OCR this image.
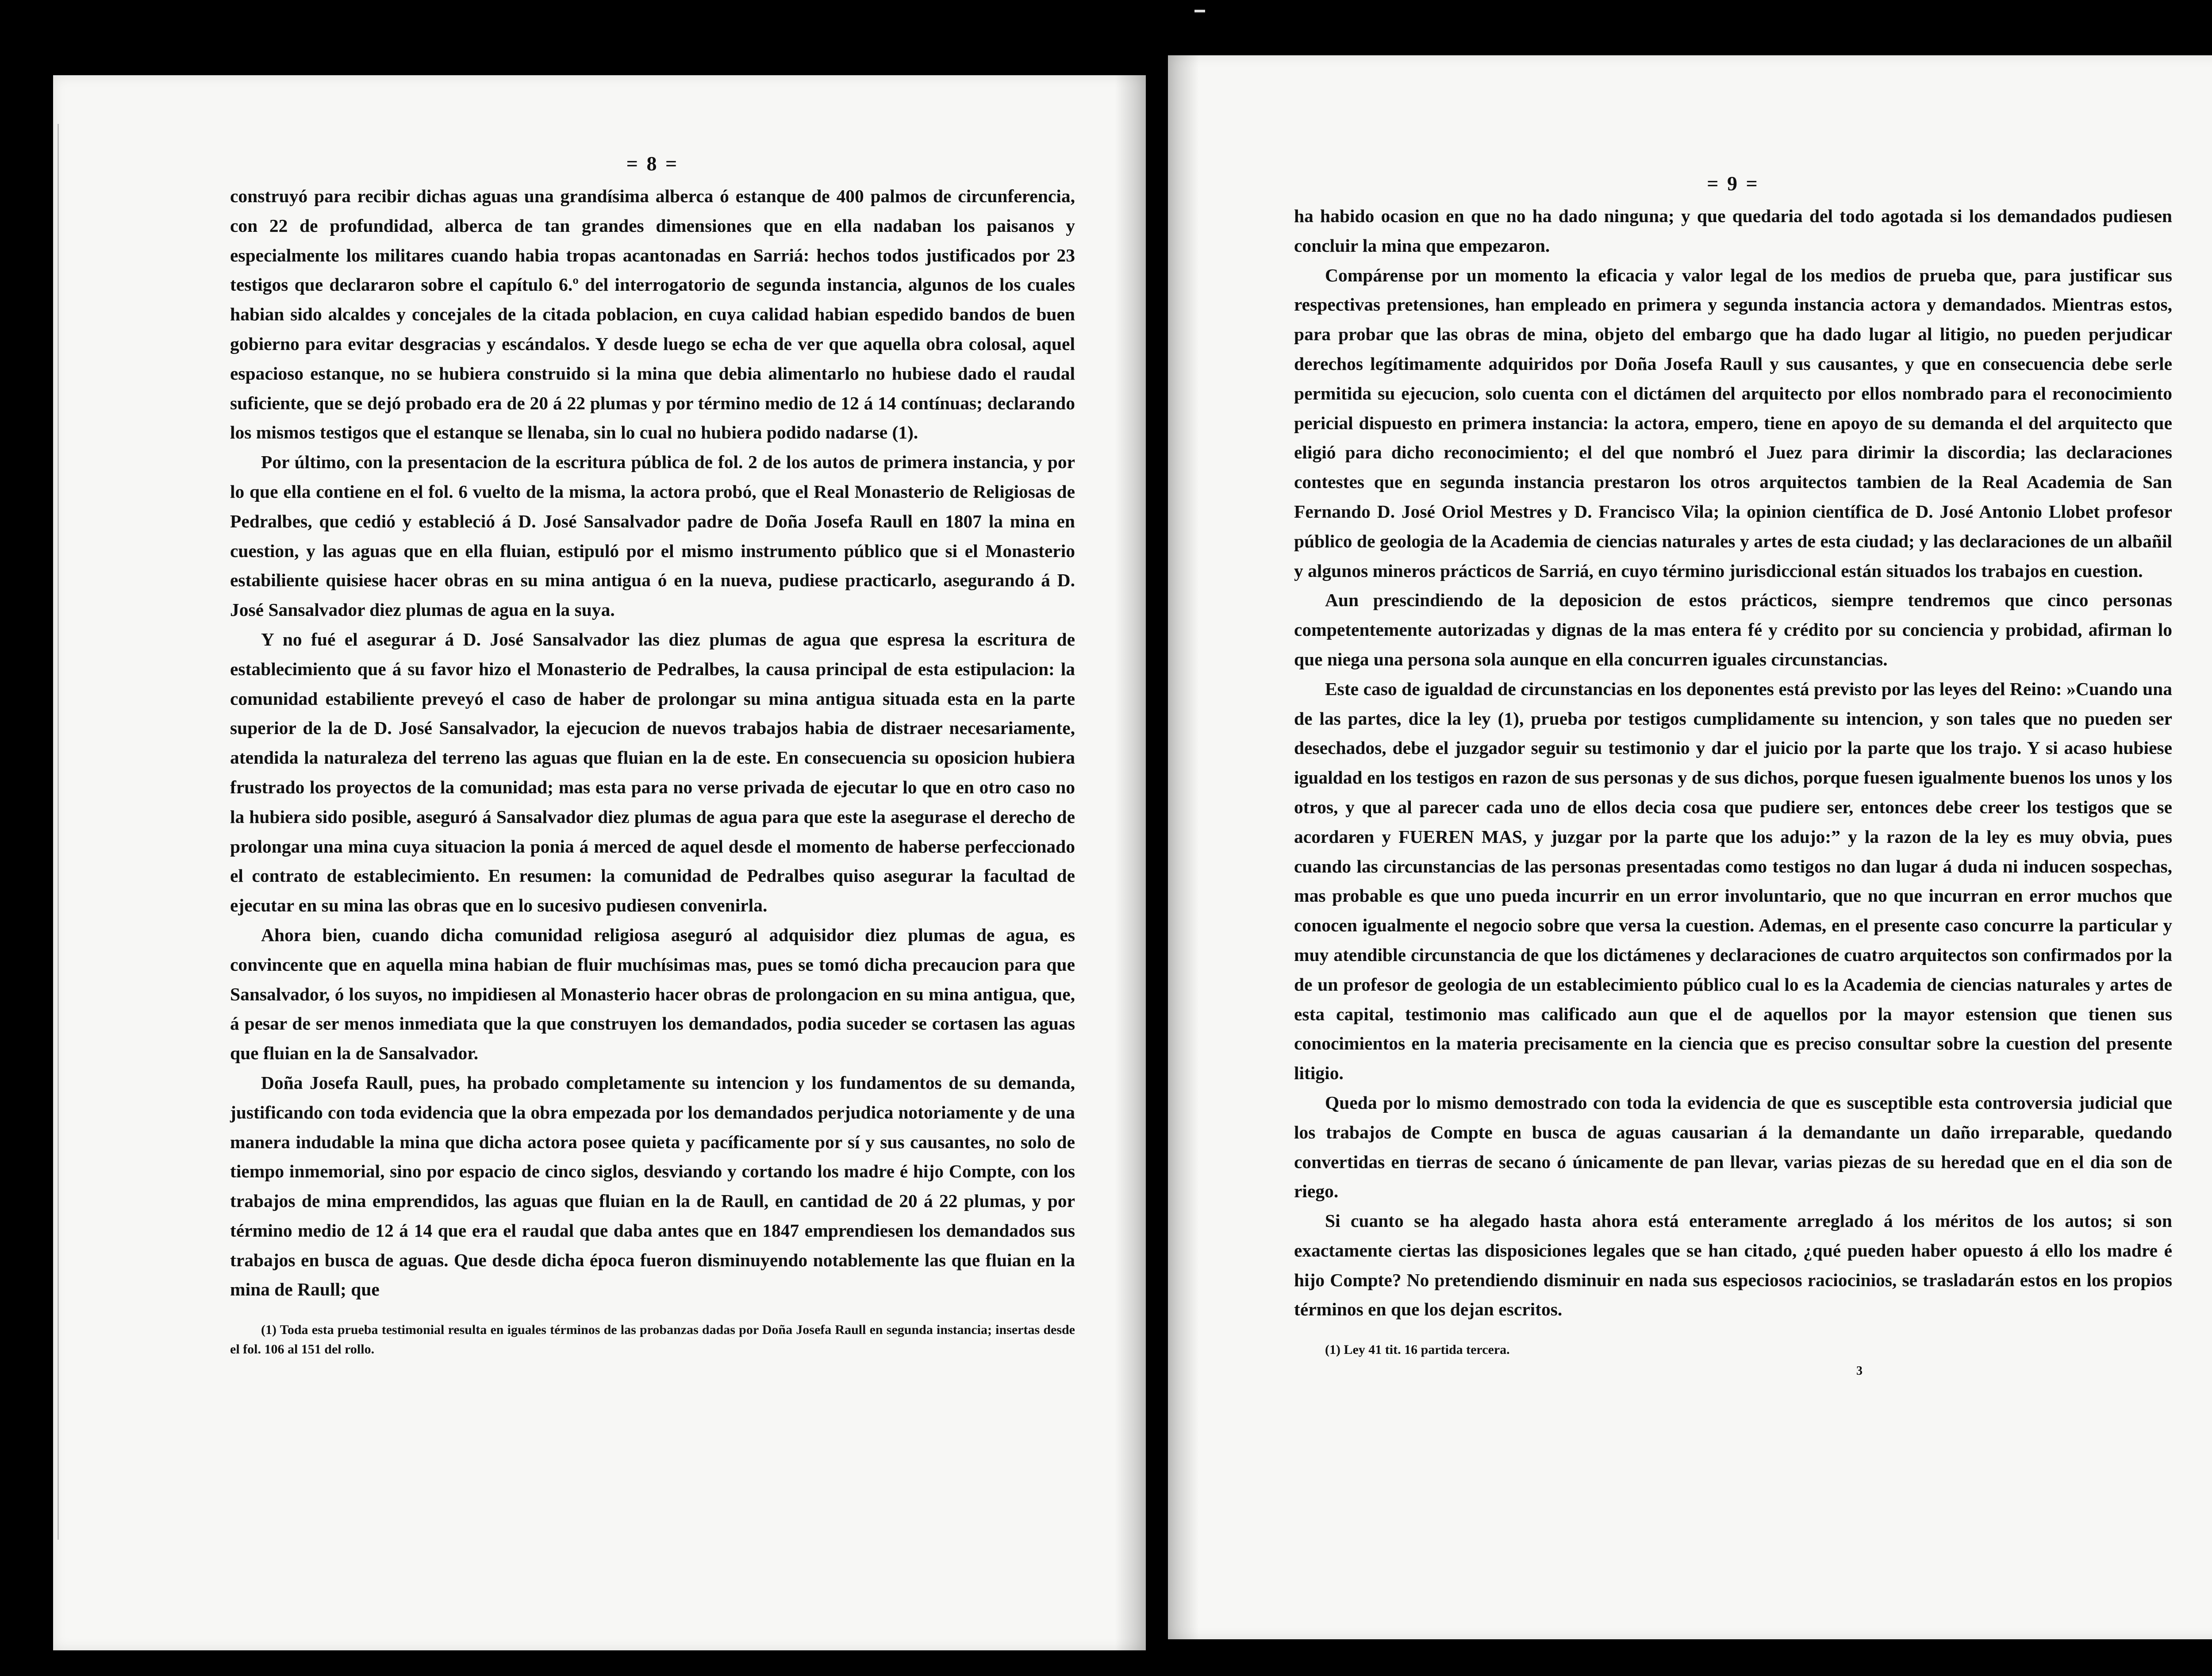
= 8 =

construyó para recibir dichas aguas una grandísima alberca ó estanque de 400 palmos de circunferencia, con 22 de profundidad, alberca de tan grandes dimensiones que en ella nadaban los paisanos y especialmente los militares cuando habia tropas acantonadas en Sarriá: hechos todos justificados por 23 testigos que declararon sobre el capítulo 6.º del interrogatorio de segunda instancia, algunos de los cuales habian sido alcaldes y concejales de la citada poblacion, en cuya calidad habian espedido bandos de buen gobierno para evitar desgracias y escándalos. Y desde luego se echa de ver que aquella obra colosal, aquel espacioso estanque, no se hubiera construido si la mina que debia alimentarlo no hubiese dado el raudal suficiente, que se dejó probado era de 20 á 22 plumas y por término medio de 12 á 14 contínuas; declarando los mismos testigos que el estanque se llenaba, sin lo cual no hubiera podido nadarse (1).

Por último, con la presentacion de la escritura pública de fol. 2 de los autos de primera instancia, y por lo que ella contiene en el fol. 6 vuelto de la misma, la actora probó, que el Real Monasterio de Religiosas de Pedralbes, que cedió y estableció á D. José Sansalvador padre de Doña Josefa Raull en 1807 la mina en cuestion, y las aguas que en ella fluian, estipuló por el mismo instrumento público que si el Monasterio estabiliente quisiese hacer obras en su mina antigua ó en la nueva, pudiese practicarlo, asegurando á D. José Sansalvador diez plumas de agua en la suya.

Y no fué el asegurar á D. José Sansalvador las diez plumas de agua que espresa la escritura de establecimiento que á su favor hizo el Monasterio de Pedralbes, la causa principal de esta estipulacion: la comunidad estabiliente preveyó el caso de haber de prolongar su mina antigua situada esta en la parte superior de la de D. José Sansalvador, la ejecucion de nuevos trabajos habia de distraer necesariamente, atendida la naturaleza del terreno las aguas que fluian en la de este. En consecuencia su oposicion hubiera frustrado los proyectos de la comunidad; mas esta para no verse privada de ejecutar lo que en otro caso no la hubiera sido posible, aseguró á Sansalvador diez plumas de agua para que este la asegurase el derecho de prolongar una mina cuya situacion la ponia á merced de aquel desde el momento de haberse perfeccionado el contrato de establecimiento. En resumen: la comunidad de Pedralbes quiso asegurar la facultad de ejecutar en su mina las obras que en lo sucesivo pudiesen convenirla.

Ahora bien, cuando dicha comunidad religiosa aseguró al adquisidor diez plumas de agua, es convincente que en aquella mina habian de fluir muchísimas mas, pues se tomó dicha precaucion para que Sansalvador, ó los suyos, no impidiesen al Monasterio hacer obras de prolongacion en su mina antigua, que, á pesar de ser menos inmediata que la que construyen los demandados, podia suceder se cortasen las aguas que fluian en la de Sansalvador.

Doña Josefa Raull, pues, ha probado completamente su intencion y los fundamentos de su demanda, justificando con toda evidencia que la obra empezada por los demandados perjudica notoriamente y de una manera indudable la mina que dicha actora posee quieta y pacíficamente por sí y sus causantes, no solo de tiempo inmemorial, sino por espacio de cinco siglos, desviando y cortando los madre é hijo Compte, con los trabajos de mina emprendidos, las aguas que fluian en la de Raull, en cantidad de 20 á 22 plumas, y por término medio de 12 á 14 que era el raudal que daba antes que en 1847 emprendiesen los demandados sus trabajos en busca de aguas. Que desde dicha época fueron disminuyendo notablemente las que fluian en la mina de Raull; que

(1) Toda esta prueba testimonial resulta en iguales términos de las probanzas dadas por Doña Josefa Raull en segunda instancia; insertas desde el fol. 106 al 151 del rollo.

= 9 =

ha habido ocasion en que no ha dado ninguna; y que quedaria del todo agotada si los demandados pudiesen concluir la mina que empezaron.

Compárense por un momento la eficacia y valor legal de los medios de prueba que, para justificar sus respectivas pretensiones, han empleado en primera y segunda instancia actora y demandados. Mientras estos, para probar que las obras de mina, objeto del embargo que ha dado lugar al litigio, no pueden perjudicar derechos legítimamente adquiridos por Doña Josefa Raull y sus causantes, y que en consecuencia debe serle permitida su ejecucion, solo cuenta con el dictámen del arquitecto por ellos nombrado para el reconocimiento pericial dispuesto en primera instancia: la actora, empero, tiene en apoyo de su demanda el del arquitecto que eligió para dicho reconocimiento; el del que nombró el Juez para dirimir la discordia; las declaraciones contestes que en segunda instancia prestaron los otros arquitectos tambien de la Real Academia de San Fernando D. José Oriol Mestres y D. Francisco Vila; la opinion científica de D. José Antonio Llobet profesor público de geologia de la Academia de ciencias naturales y artes de esta ciudad; y las declaraciones de un albañil y algunos mineros prácticos de Sarriá, en cuyo término jurisdiccional están situados los trabajos en cuestion.

Aun prescindiendo de la deposicion de estos prácticos, siempre tendremos que cinco personas competentemente autorizadas y dignas de la mas entera fé y crédito por su conciencia y probidad, afirman lo que niega una persona sola aunque en ella concurren iguales circunstancias.

Este caso de igualdad de circunstancias en los deponentes está previsto por las leyes del Reino: »Cuando una de las partes, dice la ley (1), prueba por testigos cumplidamente su intencion, y son tales que no pueden ser desechados, debe el juzgador seguir su testimonio y dar el juicio por la parte que los trajo. Y si acaso hubiese igualdad en los testigos en razon de sus personas y de sus dichos, porque fuesen igualmente buenos los unos y los otros, y que al parecer cada uno de ellos decia cosa que pudiere ser, entonces debe creer los testigos que se acordaren y FUEREN MAS, y juzgar por la parte que los adujo:” y la razon de la ley es muy obvia, pues cuando las circunstancias de las personas presentadas como testigos no dan lugar á duda ni inducen sospechas, mas probable es que uno pueda incurrir en un error involuntario, que no que incurran en error muchos que conocen igualmente el negocio sobre que versa la cuestion. Ademas, en el presente caso concurre la particular y muy atendible circunstancia de que los dictámenes y declaraciones de cuatro arquitectos son confirmados por la de un profesor de geologia de un establecimiento público cual lo es la Academia de ciencias naturales y artes de esta capital, testimonio mas calificado aun que el de aquellos por la mayor estension que tienen sus conocimientos en la materia precisamente en la ciencia que es preciso consultar sobre la cuestion del presente litigio.

Queda por lo mismo demostrado con toda la evidencia de que es susceptible esta controversia judicial que los trabajos de Compte en busca de aguas causarian á la demandante un daño irreparable, quedando convertidas en tierras de secano ó únicamente de pan llevar, varias piezas de su heredad que en el dia son de riego.

Si cuanto se ha alegado hasta ahora está enteramente arreglado á los méritos de los autos; si son exactamente ciertas las disposiciones legales que se han citado, ¿qué pueden haber opuesto á ello los madre é hijo Compte? No pretendiendo disminuir en nada sus especiosos raciocinios, se trasladarán estos en los propios términos en que los dejan escritos.

(1) Ley 41 tit. 16 partida tercera.

3
